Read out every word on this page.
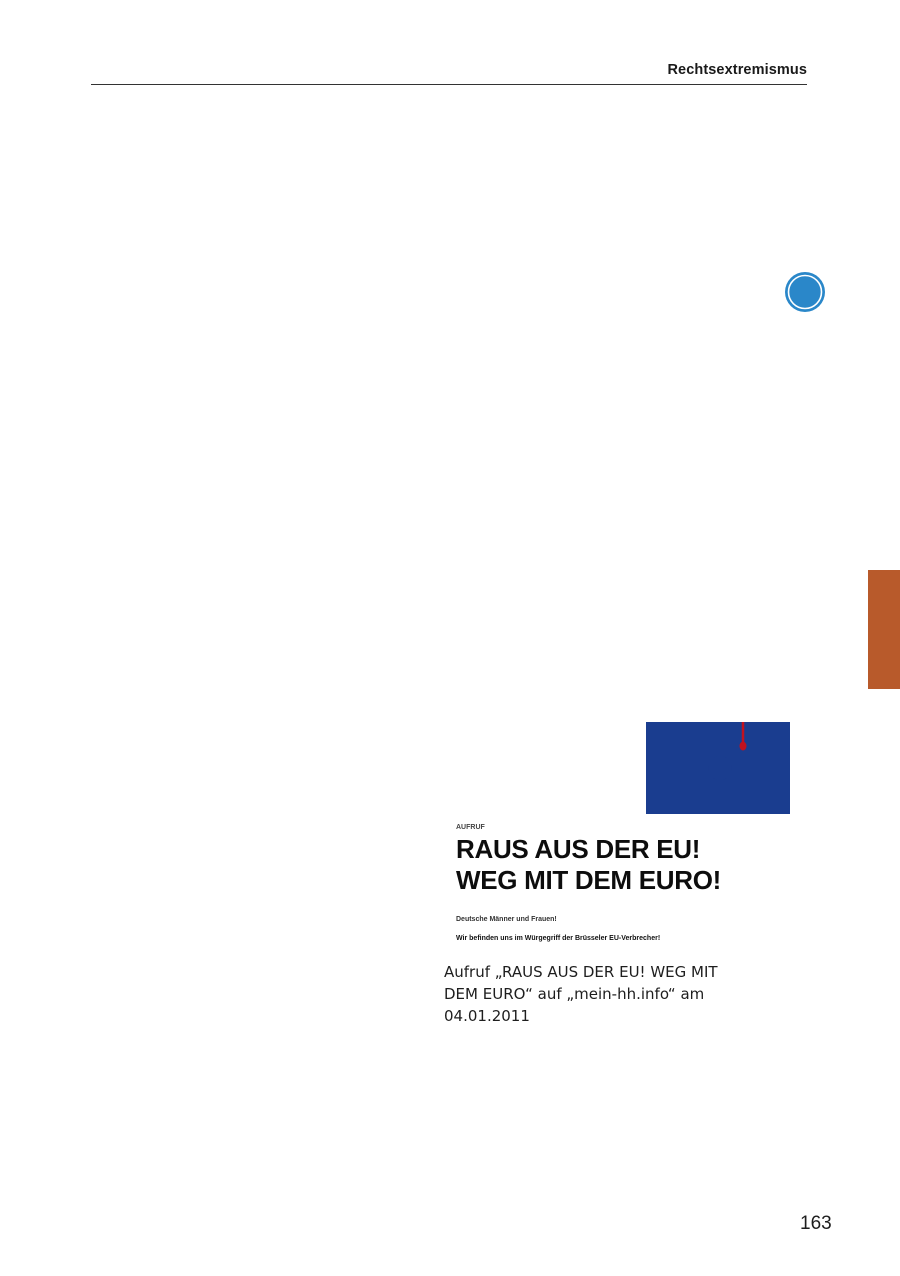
Rechtsextremismus
AUFRUF
RAUS AUS DER EU!
WEG MIT DEM EURO!
Deutsche Männer und Frauen!
Wir befinden uns im Würgegriff der Brüsseler EU-Verbrecher!
Aufruf „RAUS AUS DER EU! WEG MIT
DEM EURO“ auf „mein-hh.info“ am
04.01.2011
163
